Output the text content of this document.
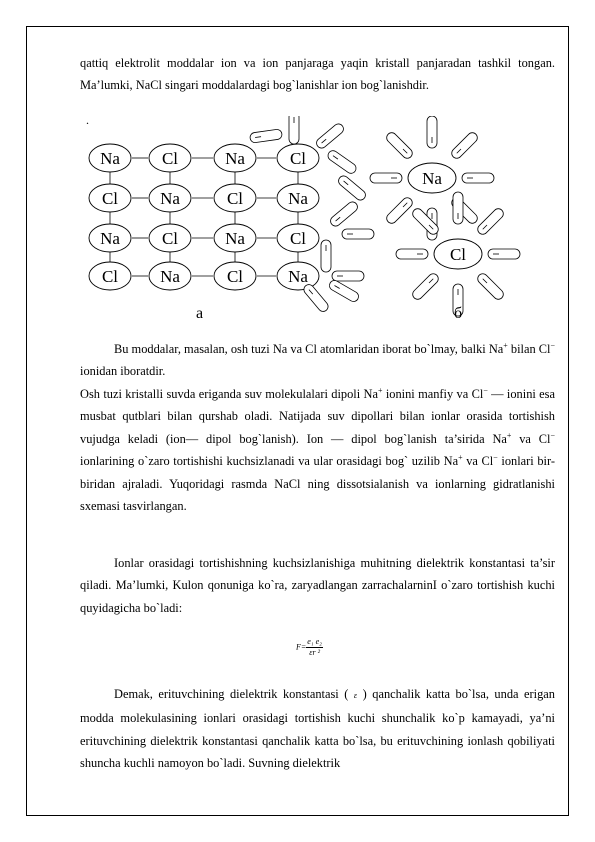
qattiq elektrolit moddalar ion va ion panjaraga yaqin kristall panjaradan tashkil tongan. Ma’lumki, NaCl singari moddalardagi bog`lanishlar ion bog`lanishdir.

.
Na Cl	Na	Cl
Cl Na	Cl	Na
Na Cl	Na	Cl
Cl Na	Cl	Na
Na
Cl
a	б

Bu moddalar, masalan, osh tuzi Na va Cl atomlaridan iborat bo`lmay, balki Na+ bilan Cl− ionidan iboratdir.

Osh tuzi kristalli suvda eriganda suv molekulalari dipoli Na+ ionini manfiy va Cl− — ionini esa musbat qutblari bilan qurshab oladi. Natijada suv dipollari bilan ionlar orasida tortishish vujudga keladi (ion— dipol bog`lanish). Ion — dipol bog`lanish ta’sirida Na+ va Cl− ionlarining o`zaro tortishishi kuchsizlanadi va ular orasidagi bog` uzilib Na+ va Cl− ionlari bir-biridan ajraladi. Yuqoridagi rasmda NaCl ning dissotsialanish va ionlarning gidratlanishi sxemasi tasvirlangan.

Ionlar orasidagi tortishishning kuchsizlanishiga muhitning dielektrik konstantasi ta’sir qiladi. Ma’lumki, Kulon qonuniga ko`ra, zaryadlangan zarrachalarninI o`zaro tortishish kuchi quyidagicha bo`ladi:

$F= \frac{\text{e₁ e₂}}{\text{εr ²}}$

Demak, erituvchining dielektrik konstantasi ( ε ) qanchalik katta bo`lsa, unda erigan modda molekulasining ionlari orasidagi tortishish kuchi shunchalik ko`p kamayadi, ya’ni erituvchining dielektrik konstantasi qanchalik katta bo`lsa, bu erituvchining ionlash qobiliyati shuncha kuchli namoyon bo`ladi. Suvning dielektrik
